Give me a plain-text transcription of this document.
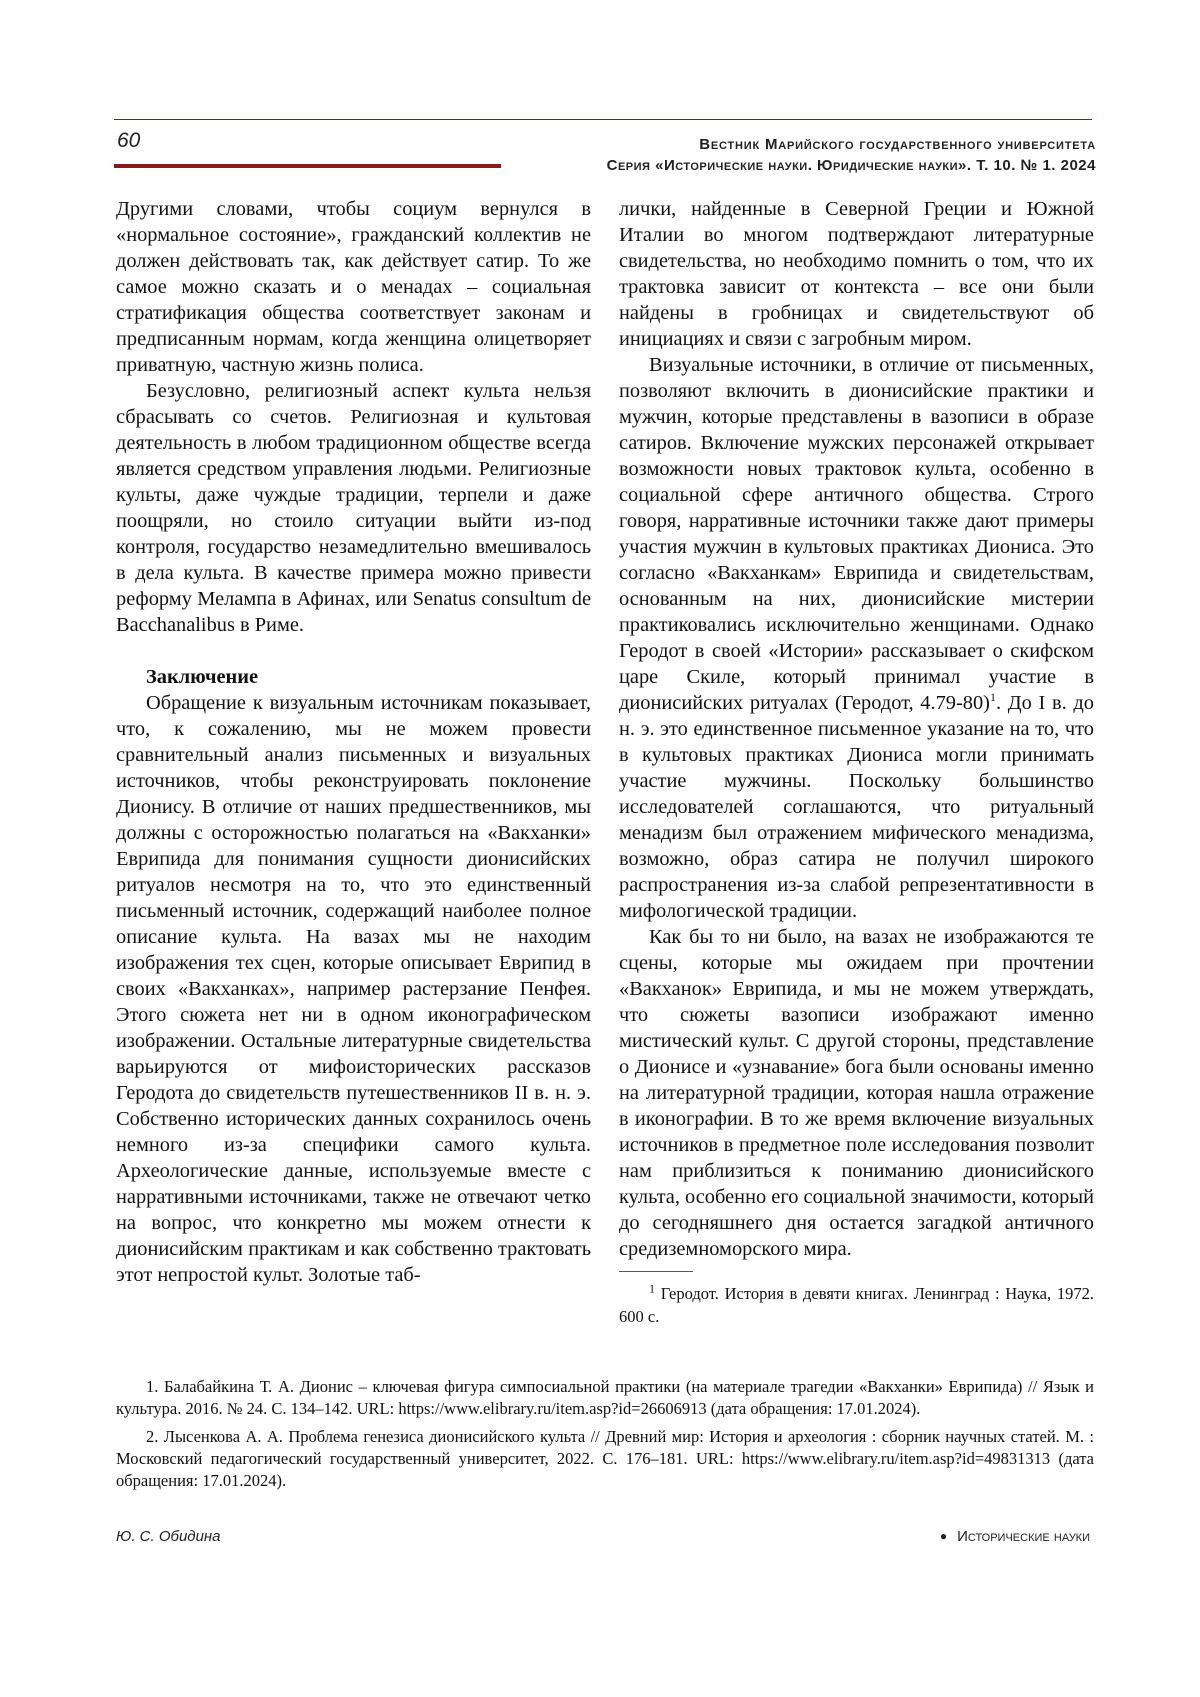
60	Вестник Марийского государственного университета
Серия «Исторические науки. Юридические науки». Т. 10. № 1. 2024

Другими словами, чтобы социум вернулся в «нормальное состояние», гражданский коллектив не должен действовать так, как действует сатир. То же самое можно сказать и о менадах – социальная стратификация общества соответствует законам и предписанным нормам, когда женщина олицетворяет приватную, частную жизнь полиса.

Безусловно, религиозный аспект культа нельзя сбрасывать со счетов. Религиозная и культовая деятельность в любом традиционном обществе всегда является средством управления людьми. Религиозные культы, даже чуждые традиции, терпели и даже поощряли, но стоило ситуации выйти из-под контроля, государство незамедлительно вмешивалось в дела культа. В качестве примера можно привести реформу Мелампа в Афинах, или Senatus consultum de Bacchanalibus в Риме.

Заключение

Обращение к визуальным источникам показывает, что, к сожалению, мы не можем провести сравнительный анализ письменных и визуальных источников, чтобы реконструировать поклонение Дионису. В отличие от наших предшественников, мы должны с осторожностью полагаться на «Вакханки» Еврипида для понимания сущности дионисийских ритуалов несмотря на то, что это единственный письменный источник, содержащий наиболее полное описание культа. На вазах мы не находим изображения тех сцен, которые описывает Еврипид в своих «Вакханках», например растерзание Пенфея. Этого сюжета нет ни в одном иконографическом изображении. Остальные литературные свидетельства варьируются от мифоисторических рассказов Геродота до свидетельств путешественников II в. н. э. Собственно исторических данных сохранилось очень немного из-за специфики самого культа. Археологические данные, используемые вместе с нарративными источниками, также не отвечают четко на вопрос, что конкретно мы можем отнести к дионисийским практикам и как собственно трактовать этот непростой культ. Золотые таб-

лички, найденные в Северной Греции и Южной Италии во многом подтверждают литературные свидетельства, но необходимо помнить о том, что их трактовка зависит от контекста – все они были найдены в гробницах и свидетельствуют об инициациях и связи с загробным миром.

Визуальные источники, в отличие от письменных, позволяют включить в дионисийские практики и мужчин, которые представлены в вазописи в образе сатиров. Включение мужских персонажей открывает возможности новых трактовок культа, особенно в социальной сфере античного общества. Строго говоря, нарративные источники также дают примеры участия мужчин в культовых практиках Диониса. Это согласно «Вакханкам» Еврипида и свидетельствам, основанным на них, дионисийские мистерии практиковались исключительно женщинами. Однако Геродот в своей «Истории» рассказывает о скифском царе Скиле, который принимал участие в дионисийских ритуалах (Геродот, 4.79-80)$^1$. До I в. до н. э. это единственное письменное указание на то, что в культовых практиках Диониса могли принимать участие мужчины. Поскольку большинство исследователей соглашаются, что ритуальный менадизм был отражением мифического менадизма, возможно, образ сатира не получил широкого распространения из-за слабой репрезентативности в мифологической традиции.

Как бы то ни было, на вазах не изображаются те сцены, которые мы ожидаем при прочтении «Вакханок» Еврипида, и мы не можем утверждать, что сюжеты вазописи изображают именно мистический культ. С другой стороны, представление о Дионисе и «узнавание» бога были основаны именно на литературной традиции, которая нашла отражение в иконографии. В то же время включение визуальных источников в предметное поле исследования позволит нам приблизиться к пониманию дионисийского культа, особенно его социальной значимости, который до сегодняшнего дня остается загадкой античного средиземноморского мира.

$^1$ Геродот. История в девяти книгах. Ленинград : Наука, 1972. 600 с.

1. Балабайкина Т. А. Дионис – ключевая фигура симпосиальной практики (на материале трагедии «Вакханки» Еврипида) // Язык и культура. 2016. № 24. С. 134–142. URL: https://www.elibrary.ru/item.asp?id=26606913 (дата обращения: 17.01.2024).

2. Лысенкова А. А. Проблема генезиса дионисийского культа // Древний мир: История и археология : сборник научных статей. М. : Московский педагогический государственный университет, 2022. С. 176–181. URL: https://www.elibrary.ru/item.asp?id=49831313 (дата обращения: 17.01.2024).

Ю. С. Обидина	● Исторические науки
